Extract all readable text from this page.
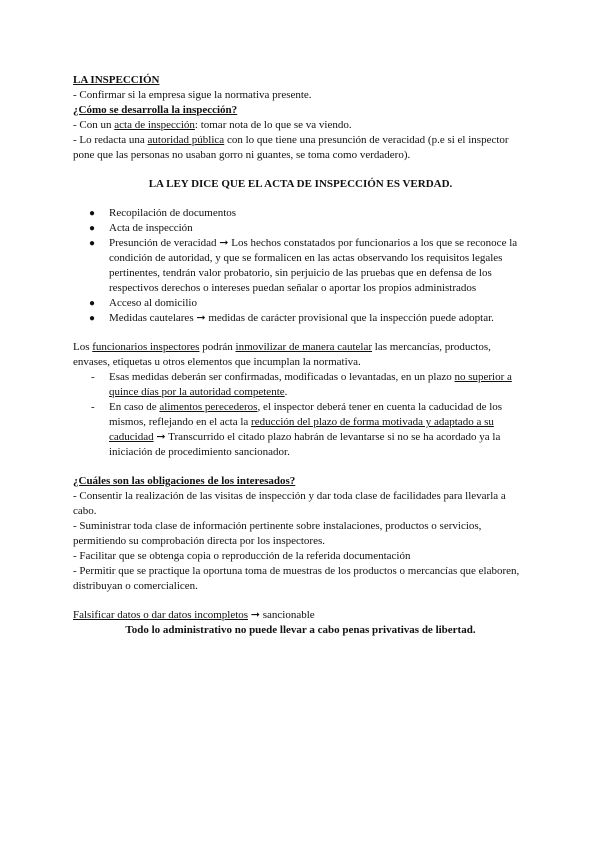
LA INSPECCIÓN

- Confirmar si la empresa sigue la normativa presente.

¿Cómo se desarrolla la inspección?

- Con un acta de inspección: tomar nota de lo que se va viendo.

- Lo redacta una autoridad pública con lo que tiene una presunción de veracidad (p.e si el inspector pone que las personas no usaban gorro ni guantes, se toma como verdadero).

LA LEY DICE QUE EL ACTA DE INSPECCIÓN ES VERDAD.

● Recopilación de documentos
● Acta de inspección
● Presunción de veracidad ➞ Los hechos constatados por funcionarios a los que se reconoce la condición de autoridad, y que se formalicen en las actas observando los requisitos legales pertinentes, tendrán valor probatorio, sin perjuicio de las pruebas que en defensa de los respectivos derechos o intereses puedan señalar o aportar los propios administrados
● Acceso al domicilio
● Medidas cautelares ➞ medidas de carácter provisional que la inspección puede adoptar.

Los funcionarios inspectores podrán inmovilizar de manera cautelar las mercancías, productos, envases, etiquetas u otros elementos que incumplan la normativa.

- Esas medidas deberán ser confirmadas, modificadas o levantadas, en un plazo no superior a quince días por la autoridad competente.
- En caso de alimentos perecederos, el inspector deberá tener en cuenta la caducidad de los mismos, reflejando en el acta la reducción del plazo de forma motivada y adaptado a su caducidad ➞ Transcurrido el citado plazo habrán de levantarse si no se ha acordado ya la iniciación de procedimiento sancionador.

¿Cuáles son las obligaciones de los interesados?

- Consentir la realización de las visitas de inspección y dar toda clase de facilidades para llevarla a cabo.

- Suministrar toda clase de información pertinente sobre instalaciones, productos o servicios, permitiendo su comprobación directa por los inspectores.

- Facilitar que se obtenga copia o reproducción de la referida documentación

- Permitir que se practique la oportuna toma de muestras de los productos o mercancías que elaboren, distribuyan o comercialicen.

Falsificar datos o dar datos incompletos ➞ sancionable

Todo lo administrativo no puede llevar a cabo penas privativas de libertad.
